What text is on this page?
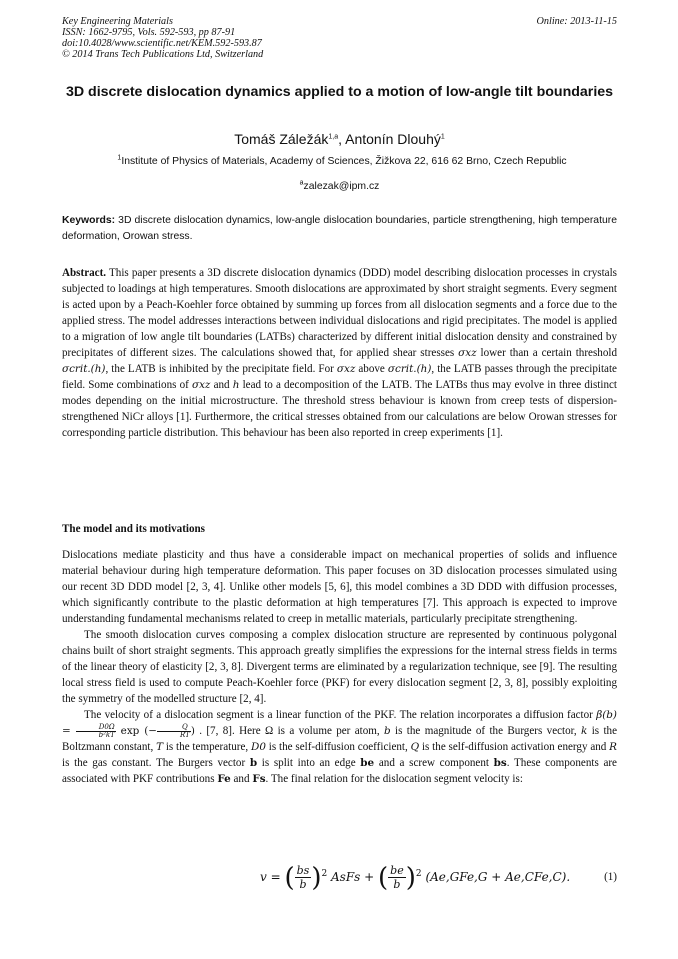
Key Engineering Materials
ISSN: 1662-9795, Vols. 592-593, pp 87-91
doi:10.4028/www.scientific.net/KEM.592-593.87
© 2014 Trans Tech Publications Ltd, Switzerland
Online: 2013-11-15
3D discrete dislocation dynamics applied to a motion of low-angle tilt boundaries
Tomáš Záležák$^{1,a}$, Antonín Dlouhý$^1$
$^1$Institute of Physics of Materials, Academy of Sciences, Žižkova 22, 616 62 Brno, Czech Republic
$^a$zalezak@ipm.cz
Keywords: 3D discrete dislocation dynamics, low-angle dislocation boundaries, particle strengthening, high temperature deformation, Orowan stress.
Abstract. This paper presents a 3D discrete dislocation dynamics (DDD) model describing dislocation processes in crystals subjected to loadings at high temperatures. Smooth dislocations are approximated by short straight segments. Every segment is acted upon by a Peach-Koehler force obtained by summing up forces from all dislocation segments and a force due to the applied stress. The model addresses interactions between individual dislocations and rigid precipitates. The model is applied to a migration of low angle tilt boundaries (LATBs) characterized by different initial dislocation density and constrained by precipitates of different sizes. The calculations showed that, for applied shear stresses σxz lower than a certain threshold σcrit.(h), the LATB is inhibited by the precipitate field. For σxz above σcrit.(h), the LATB passes through the precipitate field. Some combinations of σxz and h lead to a decomposition of the LATB. The LATBs thus may evolve in three distinct modes depending on the initial microstructure. The threshold stress behaviour is known from creep tests of dispersion-strengthened NiCr alloys [1]. Furthermore, the critical stresses obtained from our calculations are below Orowan stresses for corresponding particle distribution. This behaviour has been also reported in creep experiments [1].
The model and its motivations

Dislocations mediate plasticity and thus have a considerable impact on mechanical properties of solids and influence material behaviour during high temperature deformation. This paper focuses on 3D dislocation processes simulated using our recent 3D DDD model [2, 3, 4]. Unlike other models [5, 6], this model combines a 3D DDD with diffusion processes, which significantly contribute to the plastic deformation at high temperatures [7]. This approach is expected to improve understanding fundamental mechanisms related to creep in metallic materials, particularly precipitate strengthening.

The smooth dislocation curves composing a complex dislocation structure are represented by continuous polygonal chains built of short straight segments. This approach greatly simplifies the expressions for the internal stress fields in terms of the linear theory of elasticity [2, 3, 8]. Divergent terms are eliminated by a regularization technique, see [9]. The resulting local stress field is used to compute Peach-Koehler force (PKF) for every dislocation segment [2, 3, 8], possibly exploiting the symmetry of the modelled structure [2, 4].

The velocity of a dislocation segment is a linear function of the PKF. The relation incorporates a diffusion factor $\beta(b) = \frac{D0\Omega}{\text{b²kT}}$ exp (− $\frac{Q}{RT}$ ) . [7, 8]. Here Ω is a volume per atom, b is the magnitude of the Burgers vector, k is the Boltzmann constant, T is the temperature, D0 is the self-diffusion coefficient, Q is the self-diffusion activation energy and R is the gas constant. The Burgers vector b is split into an edge be and a screw component bs. These components are associated with PKF contributions Fe and Fs. The final relation for the dislocation segment velocity is:

v = ( $\frac{bs}{b} )^2$ AsFs + ( $\frac{be}{b} )^2$ (Ae,GFe,G + Ae,CFe,C).	(1)
